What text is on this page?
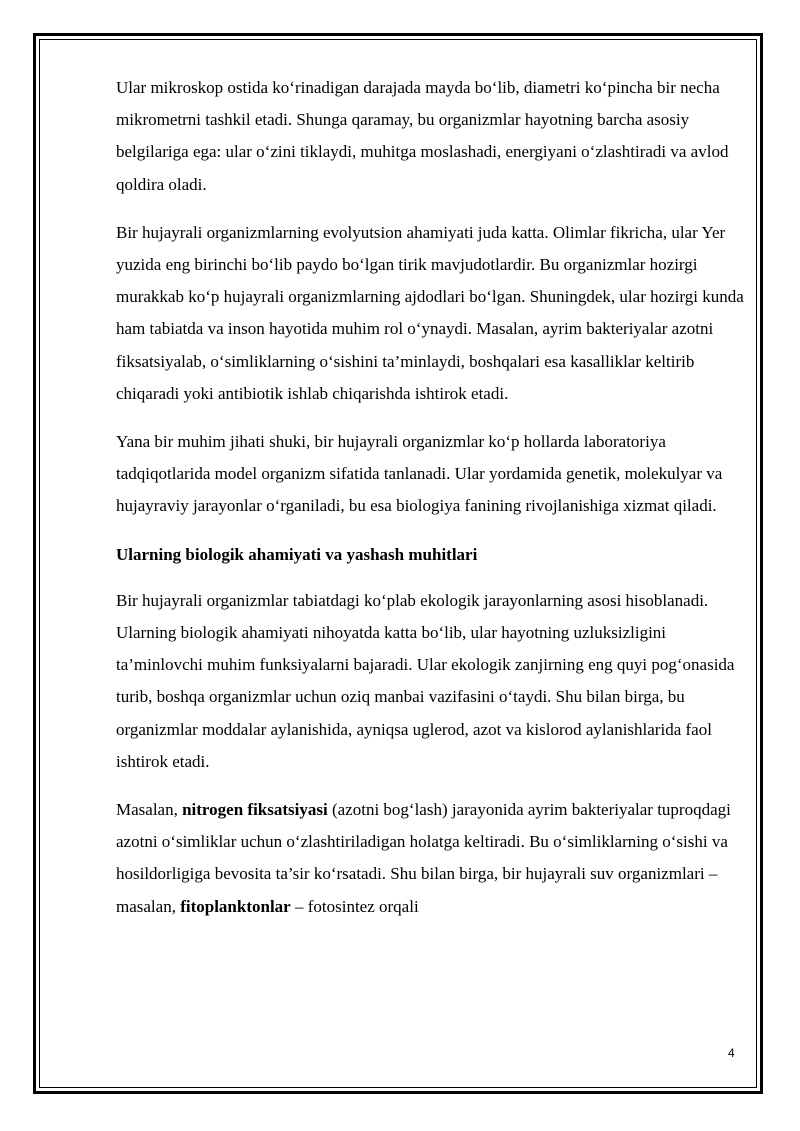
Ular mikroskop ostida ko‘rinadigan darajada mayda bo‘lib, diametri ko‘pincha bir necha mikrometrni tashkil etadi. Shunga qaramay, bu organizmlar hayotning barcha asosiy belgilariga ega: ular o‘zini tiklaydi, muhitga moslashadi, energiyani o‘zlashtiradi va avlod qoldira oladi.

Bir hujayrali organizmlarning evolyutsion ahamiyati juda katta. Olimlar fikricha, ular Yer yuzida eng birinchi bo‘lib paydo bo‘lgan tirik mavjudotlardir. Bu organizmlar hozirgi murakkab ko‘p hujayrali organizmlarning ajdodlari bo‘lgan. Shuningdek, ular hozirgi kunda ham tabiatda va inson hayotida muhim rol o‘ynaydi. Masalan, ayrim bakteriyalar azotni fiksatsiyalab, o‘simliklarning o‘sishini ta’minlaydi, boshqalari esa kasalliklar keltirib chiqaradi yoki antibiotik ishlab chiqarishda ishtirok etadi.

Yana bir muhim jihati shuki, bir hujayrali organizmlar ko‘p hollarda laboratoriya tadqiqotlarida model organizm sifatida tanlanadi. Ular yordamida genetik, molekulyar va hujayraviy jarayonlar o‘rganiladi, bu esa biologiya fanining rivojlanishiga xizmat qiladi.

Ularning biologik ahamiyati va yashash muhitlari

Bir hujayrali organizmlar tabiatdagi ko‘plab ekologik jarayonlarning asosi hisoblanadi. Ularning biologik ahamiyati nihoyatda katta bo‘lib, ular hayotning uzluksizligini ta’minlovchi muhim funksiyalarni bajaradi. Ular ekologik zanjirning eng quyi pog‘onasida turib, boshqa organizmlar uchun oziq manbai vazifasini o‘taydi. Shu bilan birga, bu organizmlar moddalar aylanishida, ayniqsa uglerod, azot va kislorod aylanishlarida faol ishtirok etadi.

Masalan, nitrogen fiksatsiyasi (azotni bog‘lash) jarayonida ayrim bakteriyalar tuproqdagi azotni o‘simliklar uchun o‘zlashtiriladigan holatga keltiradi. Bu o‘simliklarning o‘sishi va hosildorligiga bevosita ta’sir ko‘rsatadi. Shu bilan birga, bir hujayrali suv organizmlari – masalan, fitoplanktonlar – fotosintez orqali

4
